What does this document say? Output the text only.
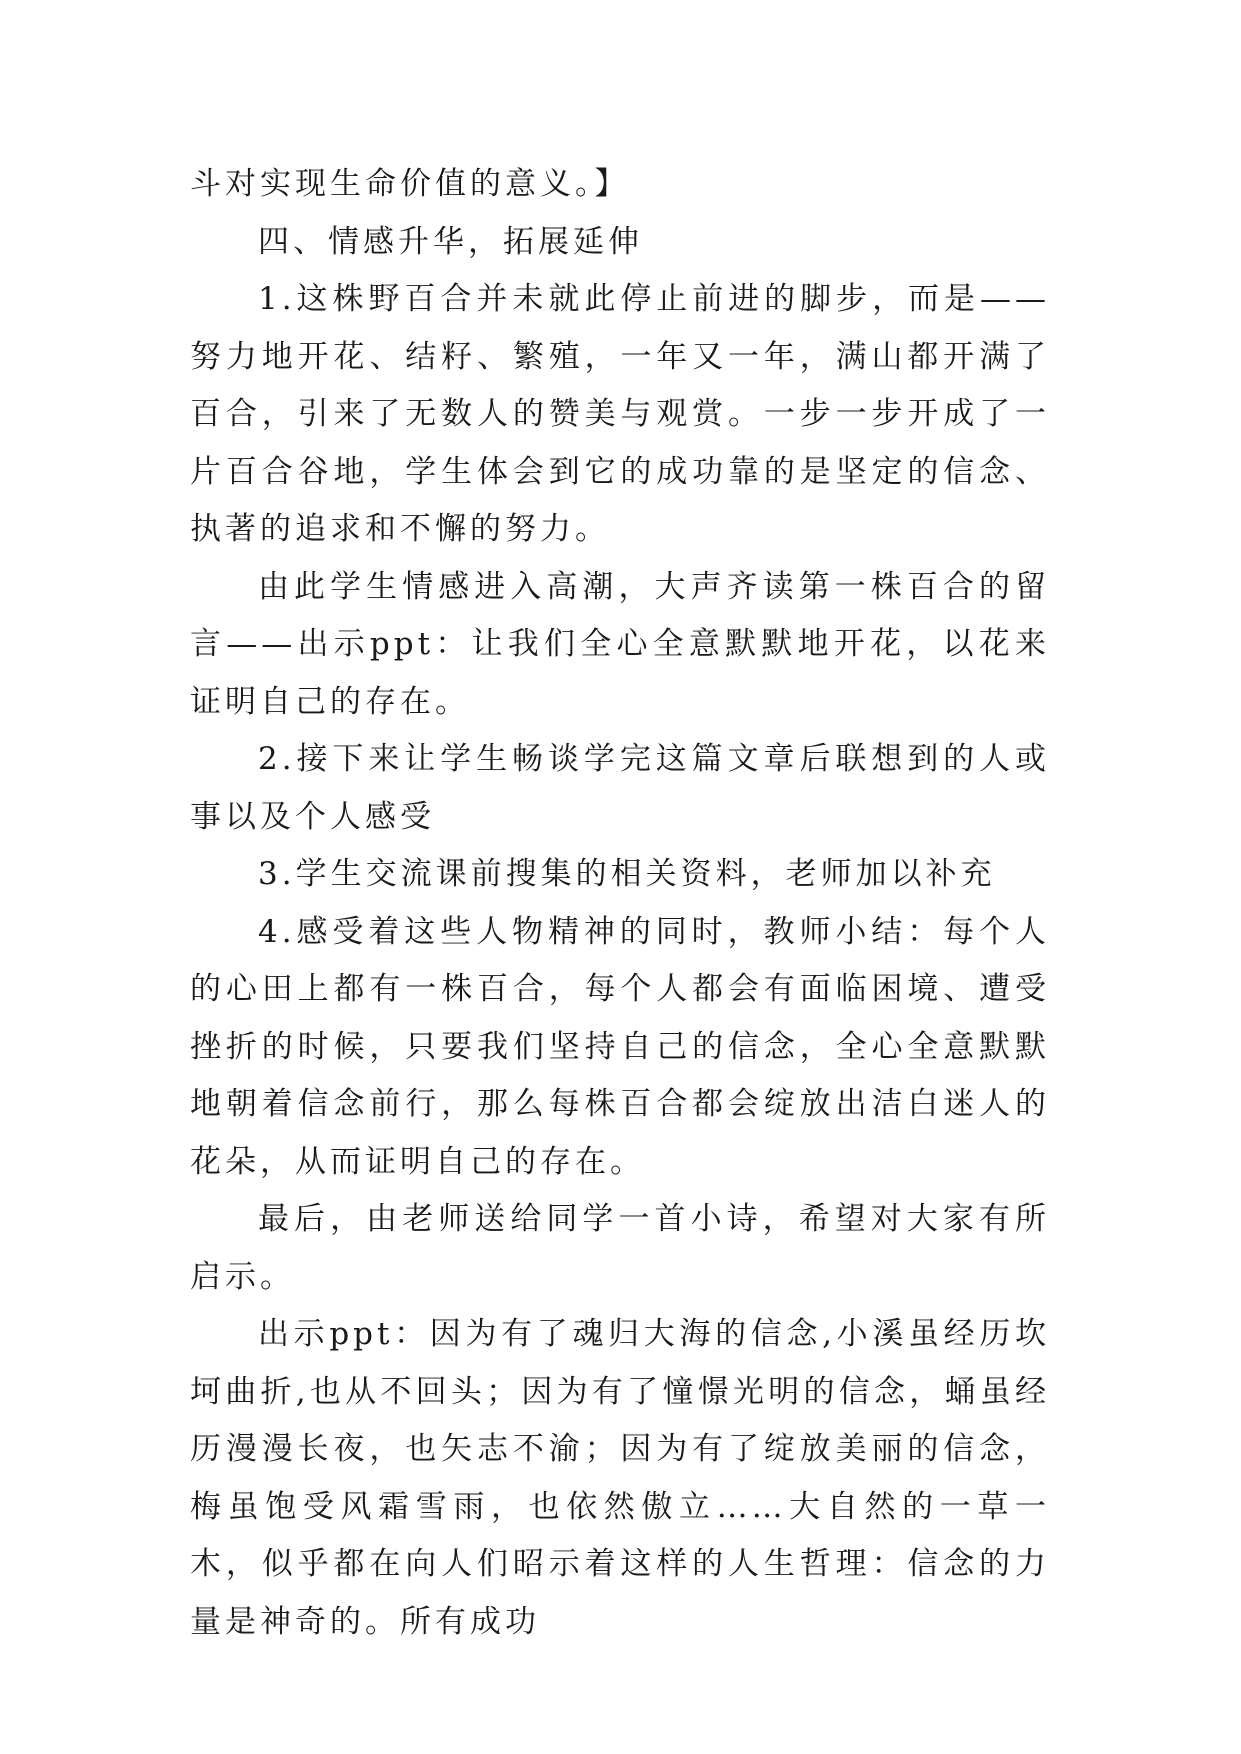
斗对实现生命价值的意义。】

四、情感升华，拓展延伸

1.这株野百合并未就此停止前进的脚步，而是——努力地开花、结籽、繁殖，一年又一年，满山都开满了百合，引来了无数人的赞美与观赏。一步一步开成了一片百合谷地，学生体会到它的成功靠的是坚定的信念、执著的追求和不懈的努力。

由此学生情感进入高潮，大声齐读第一株百合的留言——出示ppt：让我们全心全意默默地开花，以花来证明自己的存在。

2.接下来让学生畅谈学完这篇文章后联想到的人或事以及个人感受

3.学生交流课前搜集的相关资料，老师加以补充

4.感受着这些人物精神的同时，教师小结：每个人的心田上都有一株百合，每个人都会有面临困境、遭受挫折的时候，只要我们坚持自己的信念，全心全意默默地朝着信念前行，那么每株百合都会绽放出洁白迷人的花朵，从而证明自己的存在。

最后，由老师送给同学一首小诗，希望对大家有所启示。

出示ppt：因为有了魂归大海的信念,小溪虽经历坎坷曲折,也从不回头；因为有了憧憬光明的信念，蛹虽经历漫漫长夜，也矢志不渝；因为有了绽放美丽的信念，梅虽饱受风霜雪雨，也依然傲立……大自然的一草一木，似乎都在向人们昭示着这样的人生哲理：信念的力量是神奇的。所有成功
